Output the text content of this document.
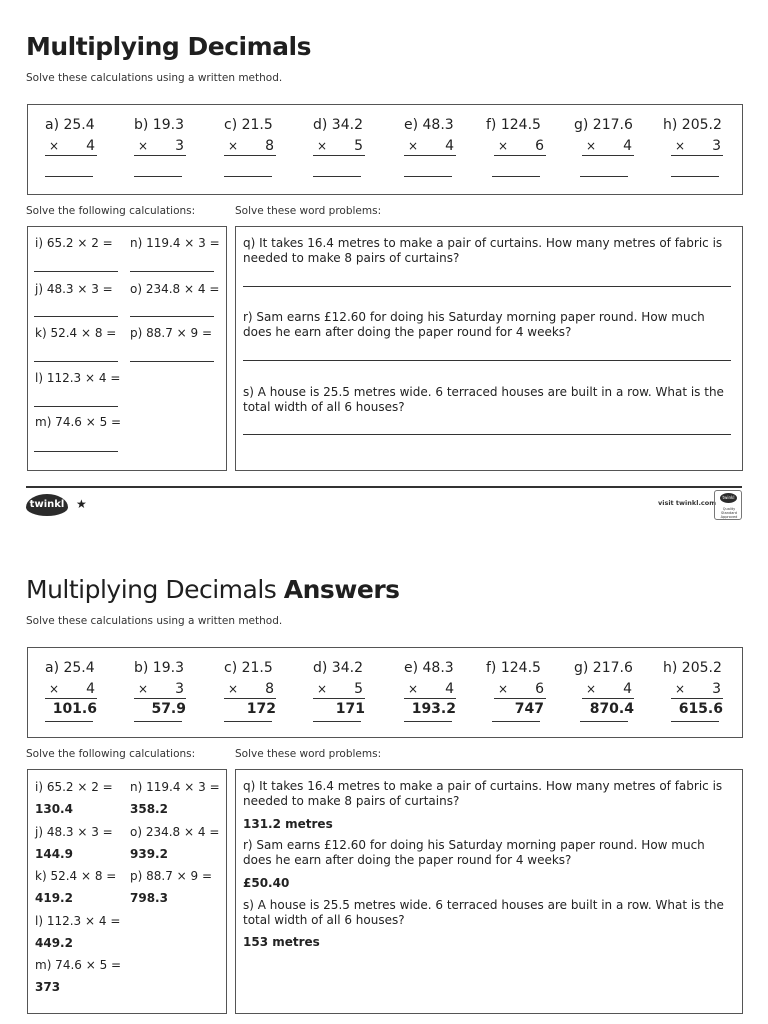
Multiplying Decimals
Solve these calculations using a written method.
a) 25.4
× 4
b) 19.3
× 3
c) 21.5
× 8
d) 34.2
× 5
e) 48.3
× 4
f) 124.5
× 6
g) 217.6
× 4
h) 205.2
× 3
Solve the following calculations:	Solve these word problems:
i) 65.2 × 2 =
j) 48.3 × 3 =
k) 52.4 × 8 =
l) 112.3 × 4 =
m) 74.6 × 5 =
n) 119.4 × 3 =
o) 234.8 × 4 =
p) 88.7 × 9 =
q) It takes 16.4 metres to make a pair of curtains. How many metres of fabric is needed to make 8 pairs of curtains?
r) Sam earns £12.60 for doing his Saturday morning paper round. How much does he earn after doing the paper round for 4 weeks?
s) A house is 25.5 metres wide. 6 terraced houses are built in a row. What is the total width of all 6 houses?
twinkl ★	visit twinkl.com
twinkl
Quality Standard Approved
Multiplying Decimals Answers
Solve these calculations using a written method.
a) 25.4
× 4
101.6
b) 19.3
× 3
57.9
c) 21.5
× 8
172
d) 34.2
× 5
171
e) 48.3
× 4
193.2
f) 124.5
× 6
747
g) 217.6
× 4
870.4
h) 205.2
× 3
615.6
Solve the following calculations:	Solve these word problems:
i) 65.2 × 2 =
130.4
j) 48.3 × 3 =
144.9
k) 52.4 × 8 =
419.2
l) 112.3 × 4 =
449.2
m) 74.6 × 5 =
373
n) 119.4 × 3 =
358.2
o) 234.8 × 4 =
939.2
p) 88.7 × 9 =
798.3
q) It takes 16.4 metres to make a pair of curtains. How many metres of fabric is needed to make 8 pairs of curtains?
131.2 metres
r) Sam earns £12.60 for doing his Saturday morning paper round. How much does he earn after doing the paper round for 4 weeks?
£50.40
s) A house is 25.5 metres wide. 6 terraced houses are built in a row. What is the total width of all 6 houses?
153 metres
